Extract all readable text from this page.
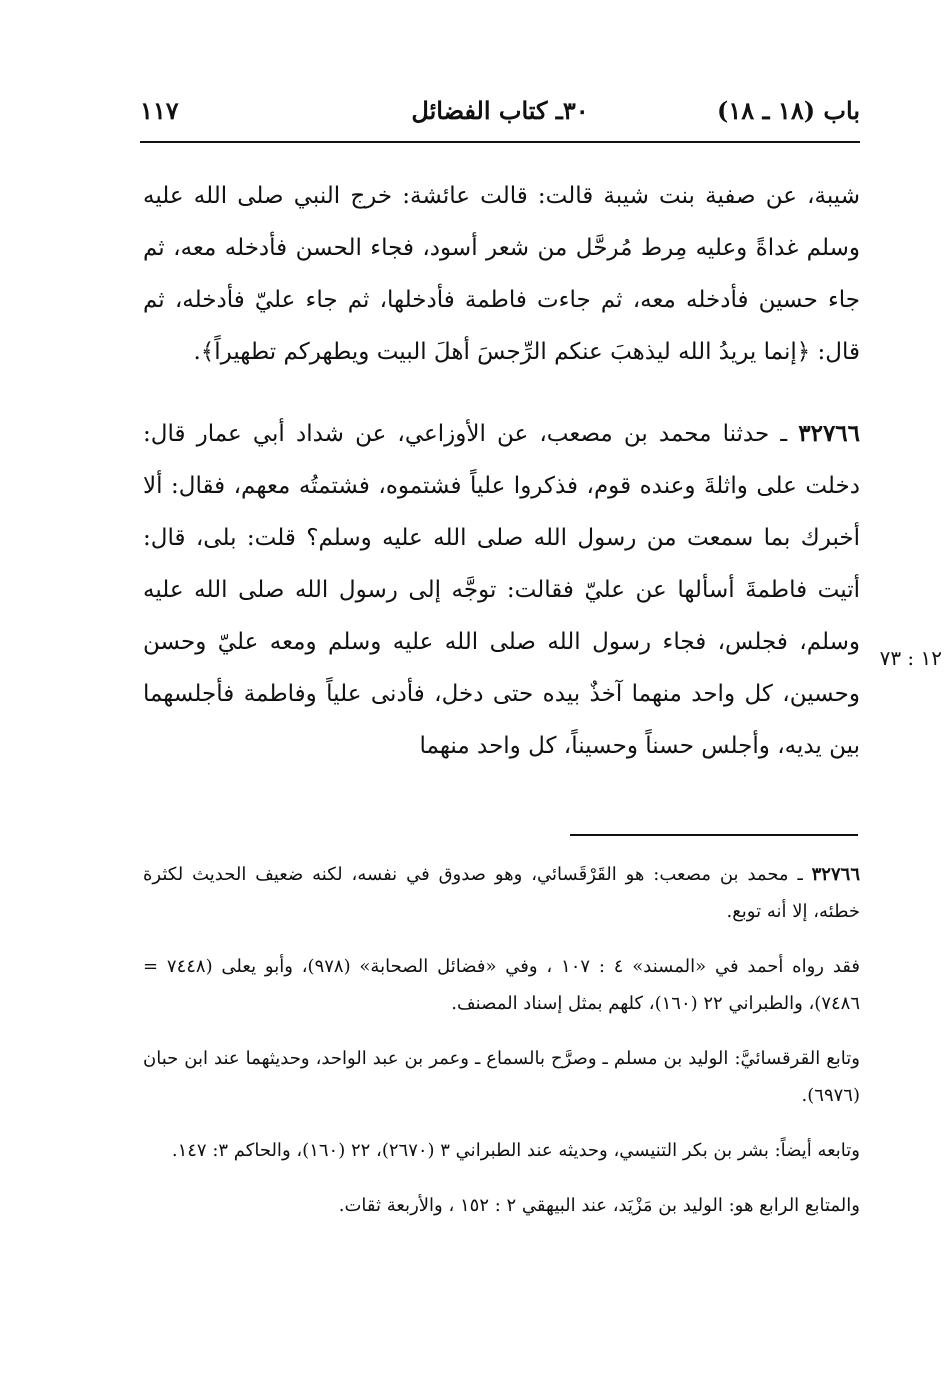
باب (١٨ ـ ١٨)
٣٠ـ كتاب الفضائل
١١٧

شيبة، عن صفية بنت شيبة قالت: قالت عائشة: خرج النبي صلى الله عليه وسلم غداةً وعليه مِرط مُرحَّل من شعر أسود، فجاء الحسن فأدخله معه، ثم جاء حسين فأدخله معه، ثم جاءت فاطمة فأدخلها، ثم جاء عليّ فأدخله، ثم قال: ﴿إنما يريدُ الله ليذهبَ عنكم الرِّجسَ أهلَ البيت ويطهركم تطهيراً﴾.

٣٢٧٦٦ ـ حدثنا محمد بن مصعب، عن الأوزاعي، عن شداد أبي عمار قال: دخلت على واثلةَ وعنده قوم، فذكروا علياً فشتموه، فشتمتُه معهم، فقال: ألا أخبرك بما سمعت من رسول الله صلى الله عليه وسلم؟ قلت: بلى، قال: أتيت فاطمةَ أسألها عن عليّ فقالت: توجَّه إلى رسول الله صلى الله عليه وسلم، فجلس، فجاء رسول الله صلى الله عليه وسلم ومعه عليّ وحسن وحسين، كل واحد منهما آخذٌ بيده حتى دخل، فأدنى علياً وفاطمة فأجلسهما بين يديه، وأجلس حسناً وحسيناً، كل واحد منهما

١٢ : ٧٣

٣٢٧٦٦ ـ محمد بن مصعب: هو القَرْقَسائي، وهو صدوق في نفسه، لكنه ضعيف الحديث لكثرة خطئه، إلا أنه توبع.

فقد رواه أحمد في «المسند» ٤ : ١٠٧ ، وفي «فضائل الصحابة» (٩٧٨)، وأبو يعلى (٧٤٤٨ = ٧٤٨٦)، والطبراني ٢٢ (١٦٠)، كلهم بمثل إسناد المصنف.

وتابع القرقسائيَّ: الوليد بن مسلم ـ وصرَّح بالسماع ـ وعمر بن عبد الواحد، وحديثهما عند ابن حبان (٦٩٧٦).

وتابعه أيضاً: بشر بن بكر التنيسي، وحديثه عند الطبراني ٣ (٢٦٧٠)، ٢٢ (١٦٠)، والحاكم ٣: ١٤٧.

والمتابع الرابع هو: الوليد بن مَزْيَد، عند البيهقي ٢ : ١٥٢ ، والأربعة ثقات.
